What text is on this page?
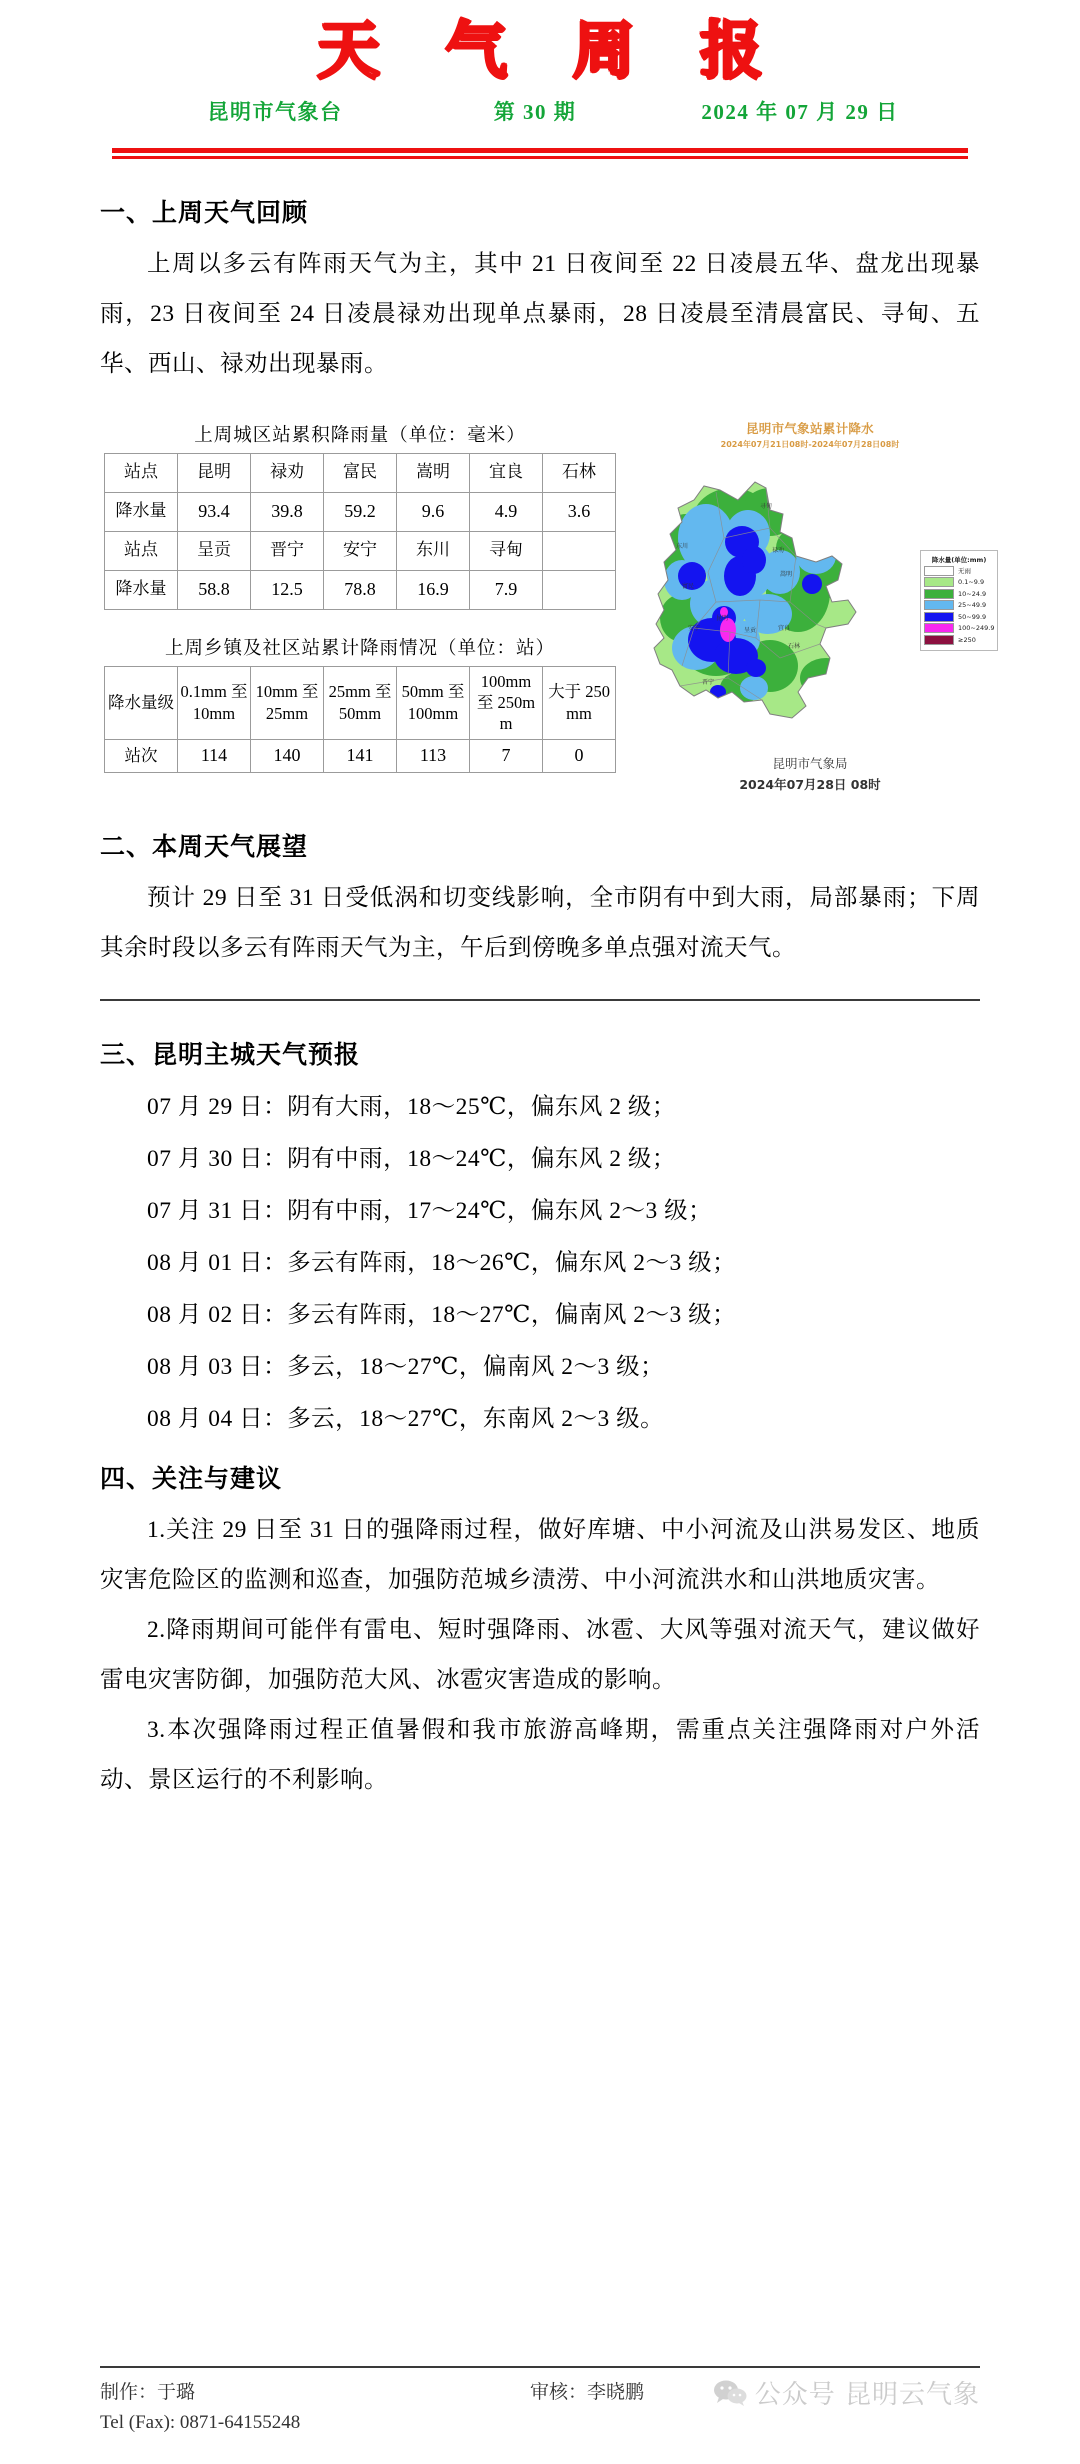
天 气 周 报
昆明市气象台	第 30 期	2024 年 07 月 29 日
一、上周天气回顾

上周以多云有阵雨天气为主，其中 21 日夜间至 22 日凌晨五华、盘龙出现暴雨，23 日夜间至 24 日凌晨禄劝出现单点暴雨，28 日凌晨至清晨富民、寻甸、五华、西山、禄劝出现暴雨。

上周城区站累积降雨量（单位：毫米）
站点	昆明	禄劝	富民	嵩明	宜良	石林
降水量	93.4	39.8	59.2	9.6	4.9	3.6
站点	呈贡	晋宁	安宁	东川	寻甸	
降水量	58.8	12.5	78.8	16.9	7.9	
上周乡镇及社区站累计降雨情况（单位：站）
降水量级	0.1mm 至 10mm	10mm 至 25mm	25mm 至 50mm	50mm 至 100mm	100mm 至 250mm	大于 250mm
站次	114	140	141	113	7	0
昆明市气象站累计降水
2024年07月21日08时-2024年07月28日08时
寻甸
东川
禄劝
嵩明
富民
昆明
宜良
安宁	呈贡
石林
晋宁
降水量(单位:mm)
无雨
0.1~9.9
10~24.9
25~49.9
50~99.9
100~249.9
≥250
昆明市气象局
2024年07月28日 08时
二、本周天气展望

预计 29 日至 31 日受低涡和切变线影响，全市阴有中到大雨，局部暴雨；下周其余时段以多云有阵雨天气为主，午后到傍晚多单点强对流天气。

三、昆明主城天气预报
07 月 29 日：阴有大雨，18～25℃，偏东风 2 级；
07 月 30 日：阴有中雨，18～24℃，偏东风 2 级；
07 月 31 日：阴有中雨，17～24℃，偏东风 2～3 级；
08 月 01 日：多云有阵雨，18～26℃，偏东风 2～3 级；
08 月 02 日：多云有阵雨，18～27℃，偏南风 2～3 级；
08 月 03 日：多云，18～27℃，偏南风 2～3 级；
08 月 04 日：多云，18～27℃，东南风 2～3 级。
四、关注与建议

1.关注 29 日至 31 日的强降雨过程，做好库塘、中小河流及山洪易发区、地质灾害危险区的监测和巡查，加强防范城乡渍涝、中小河流洪水和山洪地质灾害。

2.降雨期间可能伴有雷电、短时强降雨、冰雹、大风等强对流天气，建议做好雷电灾害防御，加强防范大风、冰雹灾害造成的影响。

3.本次强降雨过程正值暑假和我市旅游高峰期，需重点关注强降雨对户外活动、景区运行的不利影响。

制作：于璐
Tel (Fax): 0871-64155248
审核：李晓鹏	公众号 昆明云气象
